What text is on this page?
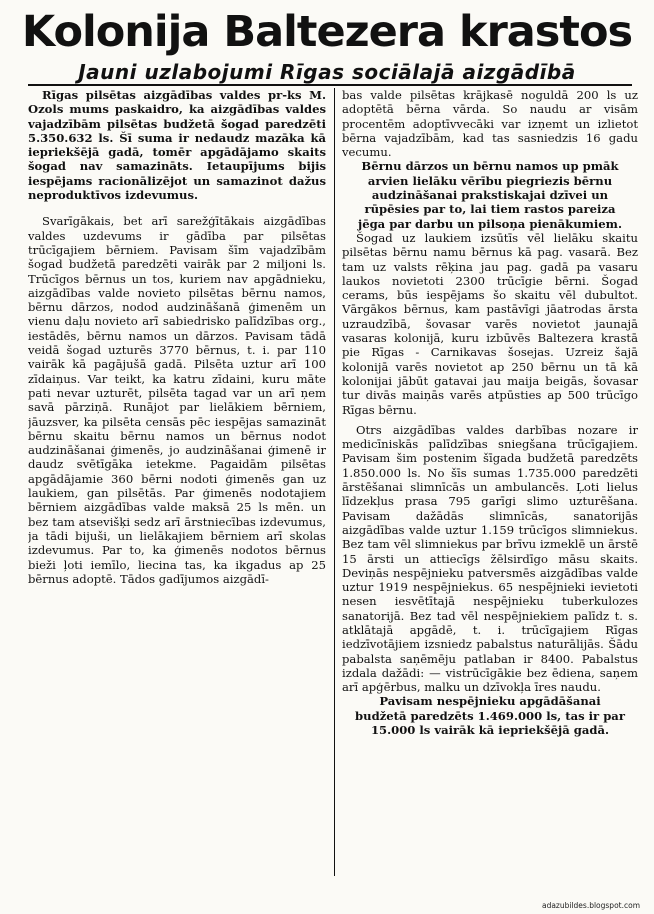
Kolonija Baltezera krastos
Jauni uzlabojumi Rīgas sociālajā aizgādībā

Rīgas pilsētas aizgādības valdes pr-ks M. Ozols mums paskaidro, ka aizgādības valdes vajadzībām pilsētas budžetā šogad paredzēti 5.350.632 ls. Šī suma ir nedaudz mazāka kā iepriekšējā gadā, tomēr apgādājamo skaits šogad nav samazināts. Ietaupījums bijis iespējams racionālizējot un samazinot dažus neproduktīvos izdevumus.

Svarīgākais, bet arī sarežģītākais aizgādības valdes uzdevums ir gādība par pilsētas trūcīgajiem bērniem. Pavisam šīm vajadzībām šogad budžetā paredzēti vairāk par 2 miljoni ls. Trūcīgos bērnus un tos, kuriem nav apgādnieku, aizgādības valde novieto pilsētas bērnu namos, bērnu dārzos, nodod audzināšanā ģimenēm un vienu daļu novieto arī sabiedrisko palīdzības org., iestādēs, bērnu namos un dārzos. Pavisam tādā veidā šogad uzturēs 3770 bērnus, t. i. par 110 vairāk kā pagājušā gadā. Pilsēta uztur arī 100 zīdaiņus. Var teikt, ka katru zīdaini, kuru māte pati nevar uzturēt, pilsēta tagad var un arī ņem savā pārziņā. Runājot par lielākiem bērniem, jāuzsver, ka pilsēta censās pēc iespējas samazināt bērnu skaitu bērnu namos un bērnus nodot audzināšanai ģimenēs, jo audzināšanai ģimenē ir daudz svētīgāka ietekme. Pagaidām pilsētas apgādājamie 360 bērni nodoti ģimenēs gan uz laukiem, gan pilsētās. Par ģimenēs nodotajiem bērniem aizgādības valde maksā 25 ls mēn. un bez tam atsevišķi sedz arī ārstniecības izdevumus, ja tādi bijuši, un lielākajiem bērniem arī skolas izdevumus. Par to, ka ģimenēs nodotos bērnus bieži ļoti iemīlo, liecina tas, ka ikgadus ap 25 bērnus adoptē. Tādos gadījumos aizgādī-

bas valde pilsētas krājkasē noguldā 200 ls uz adoptētā bērna vārda. So naudu ar visām procentēm adoptīvvecāki var izņemt un izlietot bērna vajadzībām, kad tas sasniedzis 16 gadu vecumu.

Bērnu dārzos un bērnu namos up pmāk arvien lielāku vērību piegriezis bērnu audzināšanai prakstiskajai dzīvei un rūpēsies par to, lai tiem rastos pareiza jēga par darbu un pilsoņa pienākumiem.

Šogad uz laukiem izsūtīs vēl lielāku skaitu pilsētas bērnu namu bērnus kā pag. vasarā. Bez tam uz valsts rēķina jau pag. gadā pa vasaru laukos novietoti 2300 trūcīgie bērni. Šogad cerams, būs iespējams šo skaitu vēl dubultot. Vārgākos bērnus, kam pastāvīgi jāatrodas ārsta uzraudzībā, šovasar varēs novietot jaunajā vasaras kolonijā, kuru izbūvēs Baltezera krastā pie Rīgas - Carnikavas šosejas. Uzreiz šajā kolonijā varēs novietot ap 250 bērnu un tā kā kolonijai jābūt gatavai jau maija beigās, šovasar tur divās maiņās varēs atpūsties ap 500 trūcīgo Rīgas bērnu.

Otrs aizgādības valdes darbības nozare ir medicīniskās palīdzības sniegšana trūcīgajiem. Pavisam šim postenim šīgada budžetā paredzēts 1.850.000 ls. No šīs sumas 1.735.000 paredzēti ārstēšanai slimnīcās un ambulancēs. Ļoti lielus līdzekļus prasa 795 garīgi slimo uzturēšana. Pavisam dažādās slimnīcās, sanatorijās aizgādības valde uztur 1.159 trūcīgos slimniekus. Bez tam vēl slimniekus par brīvu izmeklē un ārstē 15 ārsti un attiecīgs žēlsirdīgo māsu skaits. Deviņās nespējnieku patversmēs aizgādības valde uztur 1919 nespējniekus. 65 nespējnieki ievietoti nesen iesvētītajā nespējnieku tuberkulozes sanatorijā. Bez tad vēl nespējniekiem palīdz t. s. atklātajā apgādē, t. i. trūcīgajiem Rīgas iedzīvotājiem izsniedz pabalstus naturālijās. Šādu pabalsta saņēmēju patlaban ir 8400. Pabalstus izdala dažādi: — vistrūcīgākie bez ēdiena, saņem arī apģērbus, malku un dzīvokļa īres naudu.

Pavisam nespējnieku apgādāšanai budžetā paredzēts 1.469.000 ls, tas ir par 15.000 ls vairāk kā iepriekšējā gadā.

adazubildes.blogspot.com
